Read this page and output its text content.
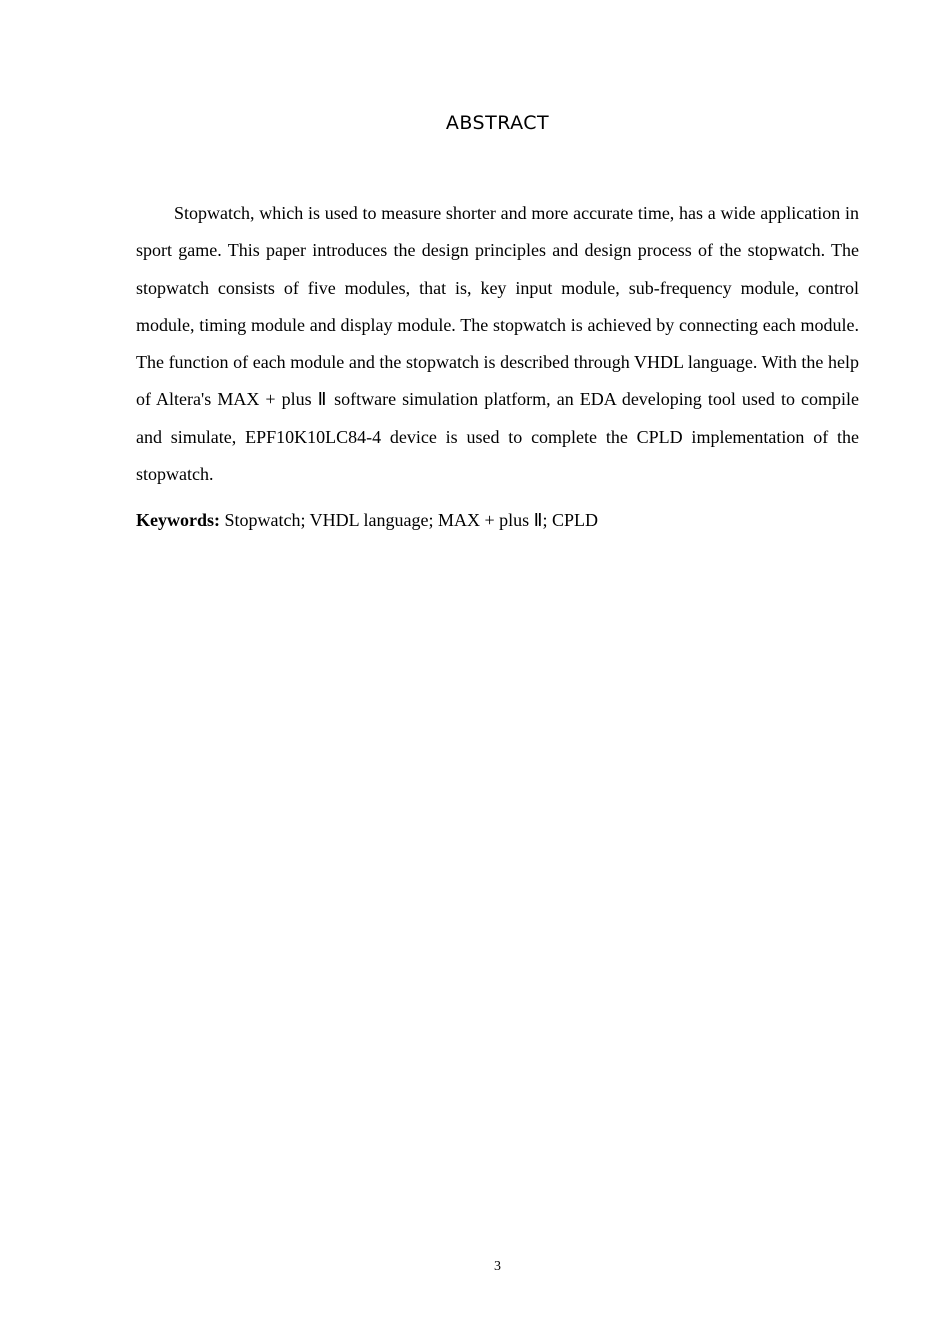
ABSTRACT

Stopwatch, which is used to measure shorter and more accurate time, has a wide application in sport game. This paper introduces the design principles and design process of the stopwatch. The stopwatch consists of five modules, that is, key input module, sub-frequency module, control module, timing module and display module. The stopwatch is achieved by connecting each module. The function of each module and the stopwatch is described through VHDL language. With the help of Altera's MAX + plus Ⅱ software simulation platform, an EDA developing tool used to compile and simulate, EPF10K10LC84-4 device is used to complete the CPLD implementation of the stopwatch.

Keywords: Stopwatch; VHDL language; MAX + plus Ⅱ; CPLD

3
